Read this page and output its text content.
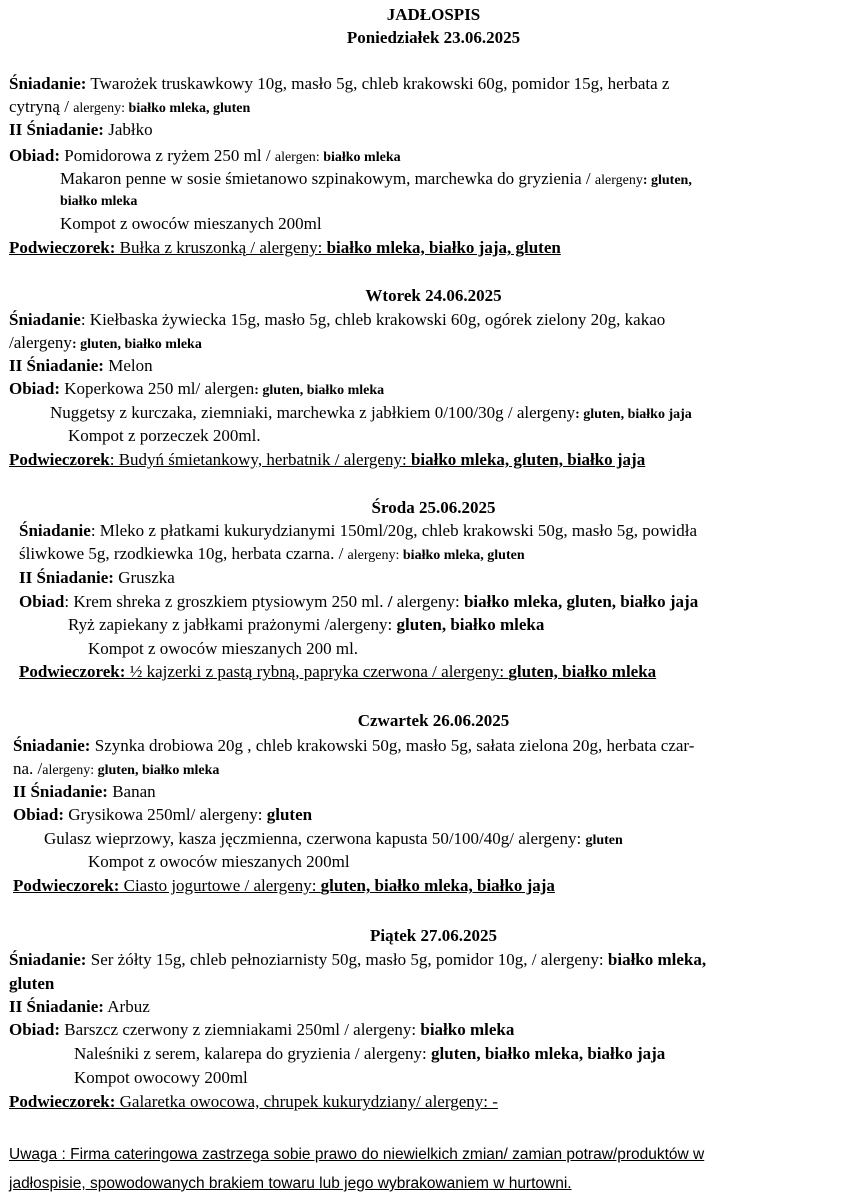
JADŁOSPIS
Poniedziałek 23.06.2025
Śniadanie: Twarożek truskawkowy 10g, masło 5g, chleb krakowski 60g, pomidor 15g, herbata z
cytryną / alergeny: białko mleka, gluten
II Śniadanie: Jabłko
Obiad: Pomidorowa z ryżem 250 ml / alergen: białko mleka
Makaron penne w sosie śmietanowo szpinakowym, marchewka do gryzienia / alergeny: gluten,
białko mleka
Kompot z owoców mieszanych 200ml
Podwieczorek: Bułka z kruszonką / alergeny: białko mleka, białko jaja, gluten
Wtorek 24.06.2025
Śniadanie: Kiełbaska żywiecka 15g, masło 5g, chleb krakowski 60g, ogórek zielony 20g, kakao
/alergeny: gluten, białko mleka
II Śniadanie: Melon
Obiad: Koperkowa 250 ml/ alergen: gluten, białko mleka
Nuggetsy z kurczaka, ziemniaki, marchewka z jabłkiem 0/100/30g / alergeny: gluten, białko jaja
Kompot z porzeczek 200ml.
Podwieczorek: Budyń śmietankowy, herbatnik / alergeny: białko mleka, gluten, białko jaja
Środa 25.06.2025
Śniadanie: Mleko z płatkami kukurydzianymi 150ml/20g, chleb krakowski 50g, masło 5g, powidła
śliwkowe 5g, rzodkiewka 10g, herbata czarna. / alergeny: białko mleka, gluten
II Śniadanie: Gruszka
Obiad: Krem shreka z groszkiem ptysiowym 250 ml. / alergeny: białko mleka, gluten, białko jaja
Ryż zapiekany z jabłkami prażonymi /alergeny: gluten, białko mleka
Kompot z owoców mieszanych 200 ml.
Podwieczorek: ½ kajzerki z pastą rybną, papryka czerwona / alergeny: gluten, białko mleka
Czwartek 26.06.2025
Śniadanie: Szynka drobiowa 20g , chleb krakowski 50g, masło 5g, sałata zielona 20g, herbata czar-
na. /alergeny: gluten, białko mleka
II Śniadanie: Banan
Obiad: Grysikowa 250ml/ alergeny: gluten
Gulasz wieprzowy, kasza jęczmienna, czerwona kapusta 50/100/40g/ alergeny: gluten
Kompot z owoców mieszanych 200ml
Podwieczorek: Ciasto jogurtowe / alergeny: gluten, białko mleka, białko jaja
Piątek 27.06.2025
Śniadanie: Ser żółty 15g, chleb pełnoziarnisty 50g, masło 5g, pomidor 10g, / alergeny: białko mleka,
gluten
II Śniadanie: Arbuz
Obiad: Barszcz czerwony z ziemniakami 250ml / alergeny: białko mleka
Naleśniki z serem, kalarepa do gryzienia / alergeny: gluten, białko mleka, białko jaja
Kompot owocowy 200ml
Podwieczorek: Galaretka owocowa, chrupek kukurydziany/ alergeny: -
Uwaga : Firma cateringowa zastrzega sobie prawo do niewielkich zmian/ zamian potraw/produktów w
jadłospisie, spowodowanych brakiem towaru lub jego wybrakowaniem w hurtowni.
